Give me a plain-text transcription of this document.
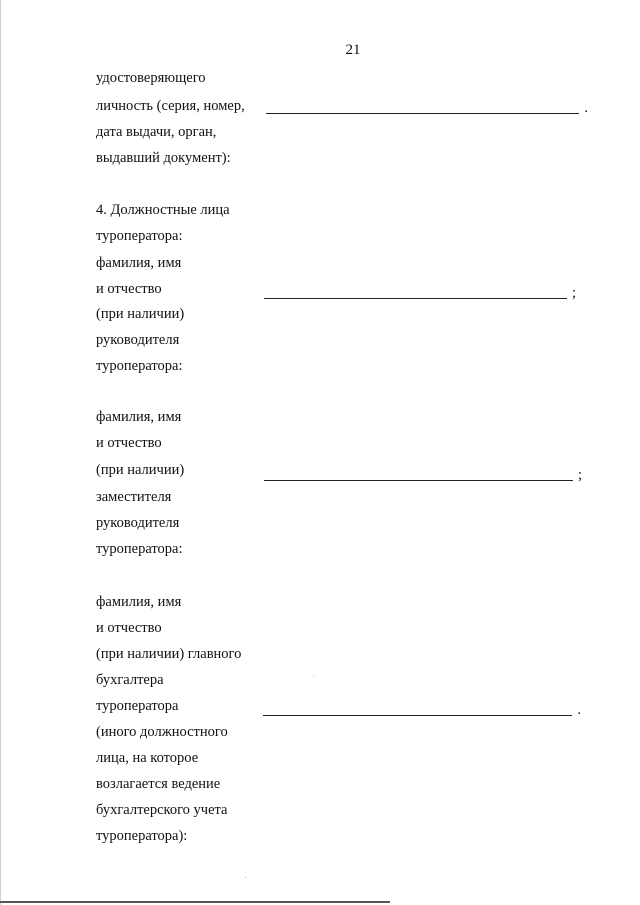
21
удостоверяющего
личность (серия, номер,
дата выдачи, орган,
выдавший документ):
.
4. Должностные лица
туроператора:
фамилия, имя
и отчество
(при наличии)
руководителя
туроператора:
;
фамилия, имя
и отчество
(при наличии)
заместителя
руководителя
туроператора:
;
фамилия, имя
и отчество
(при наличии) главного
бухгалтера
туроператора
(иного должностного
лица, на которое
возлагается ведение
бухгалтерского учета
туроператора):
.
